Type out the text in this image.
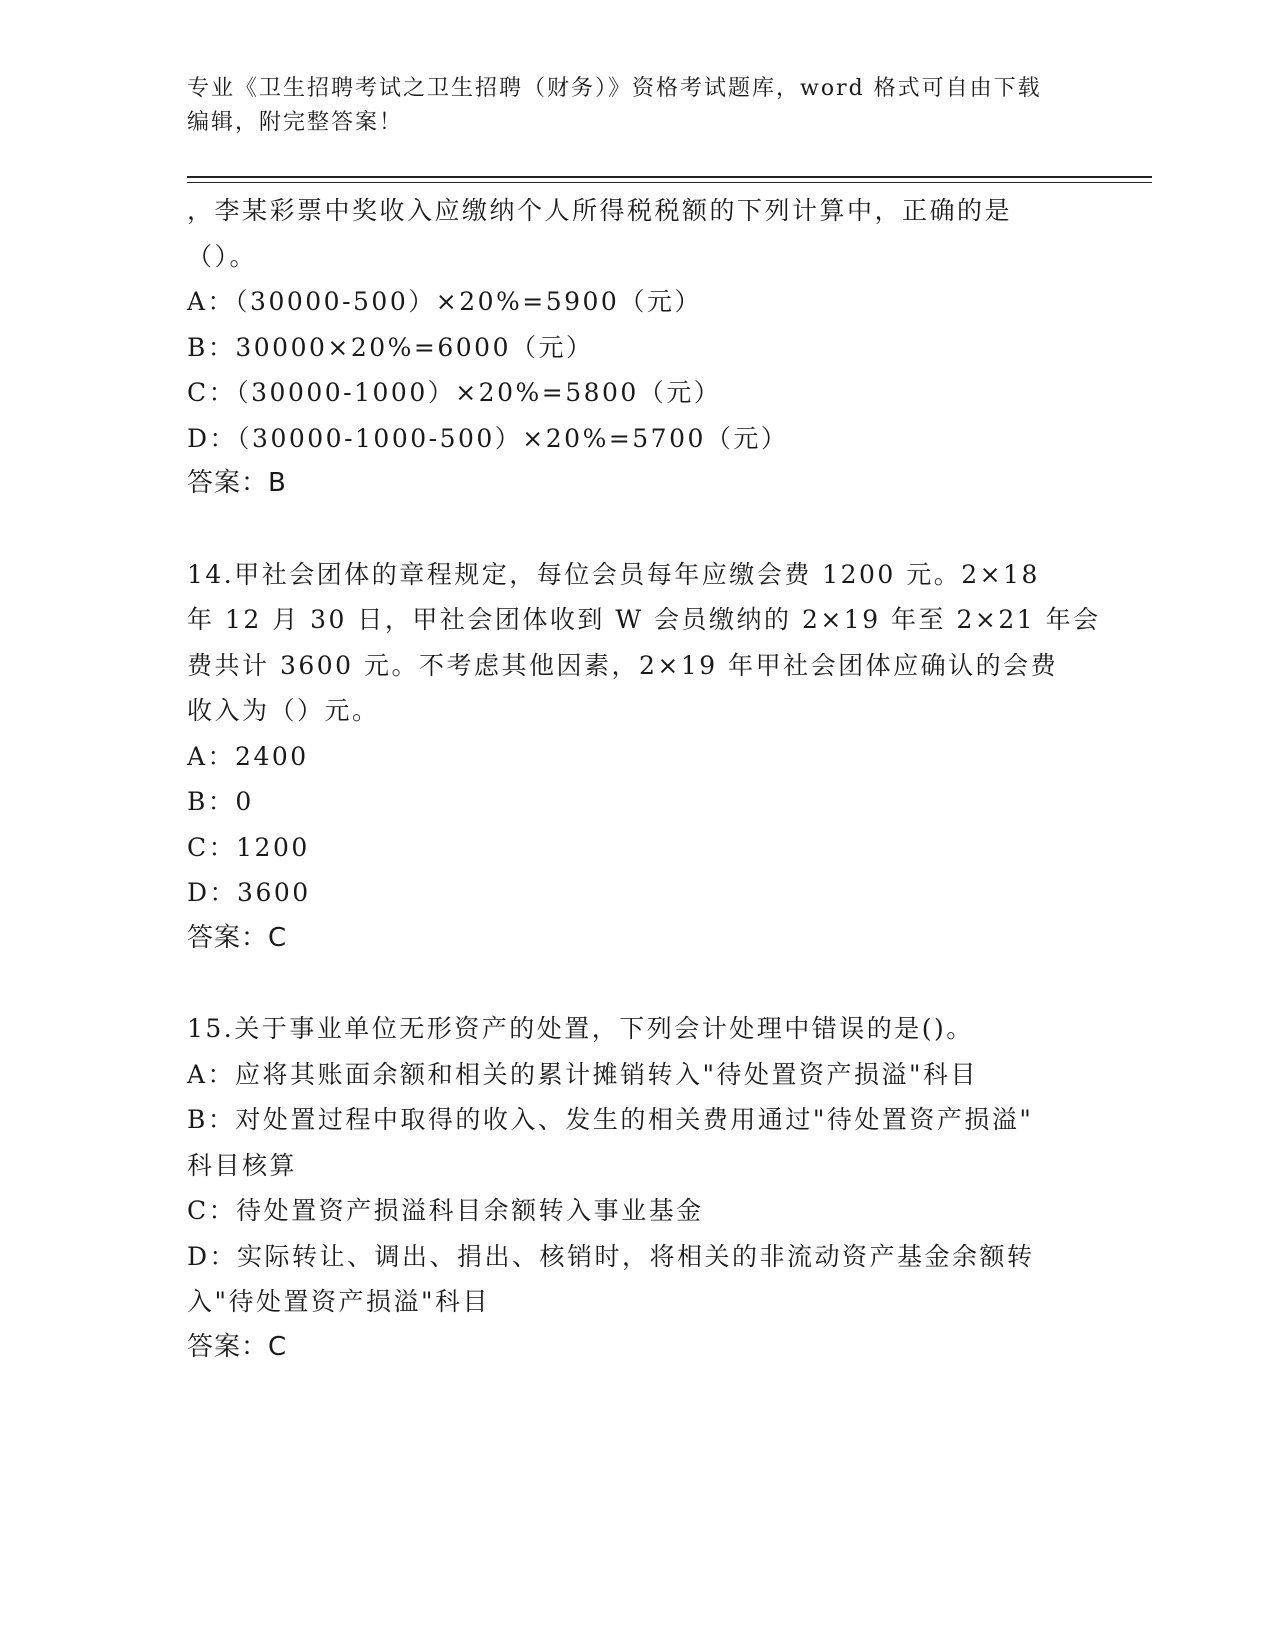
专业《卫生招聘考试之卫生招聘（财务）》资格考试题库，word 格式可自由下载
编辑，附完整答案！
，李某彩票中奖收入应缴纳个人所得税税额的下列计算中，正确的是
（）。
A：（30000-500）×20%=5900（元）
B：30000×20%=6000（元）
C：（30000-1000）×20%=5800（元）
D：（30000-1000-500）×20%=5700（元）
答案：B
14.甲社会团体的章程规定，每位会员每年应缴会费 1200 元。2×18
年 12 月 30 日，甲社会团体收到 W 会员缴纳的 2×19 年至 2×21 年会
费共计 3600 元。不考虑其他因素，2×19 年甲社会团体应确认的会费
收入为（）元。
A：2400
B：0
C：1200
D：3600
答案：C
15.关于事业单位无形资产的处置，下列会计处理中错误的是()。
A：应将其账面余额和相关的累计摊销转入"待处置资产损溢"科目
B：对处置过程中取得的收入、发生的相关费用通过"待处置资产损溢"
科目核算
C：待处置资产损溢科目余额转入事业基金
D：实际转让、调出、捐出、核销时，将相关的非流动资产基金余额转
入"待处置资产损溢"科目
答案：C
